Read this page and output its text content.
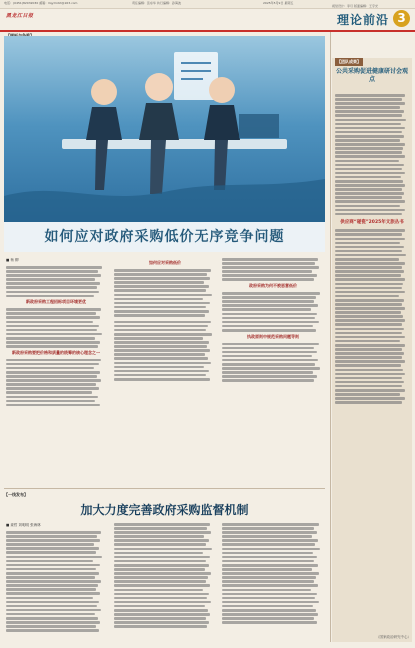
电话：(0451)82032030 邮箱：llqy:hirbt@163.com	责任编辑：张东华 执行编辑：孙海波	2025年5月9日 星期五
视觉设计：李月 版面编辑：王宇光
黑龙江日报	理论前沿 3
如何应对政府采购低价无序竞争问题
■ 杨 柳
新政府采购工程招标项目环境更优
新政府采购要把价格和质量的统筹的核心理念之一
如何应对采购低价
政府采购为何不被恶意低价
执政原则中规范采购问题导则
【一线发布】
加大力度完善政府采购监督机制
■ 姜哲 刘明明 张海林
【团队成果】
公共采购促进健康研讨会观点
供应商“碰瓷”2025年文旅丛书
（国家政治研究中心）
